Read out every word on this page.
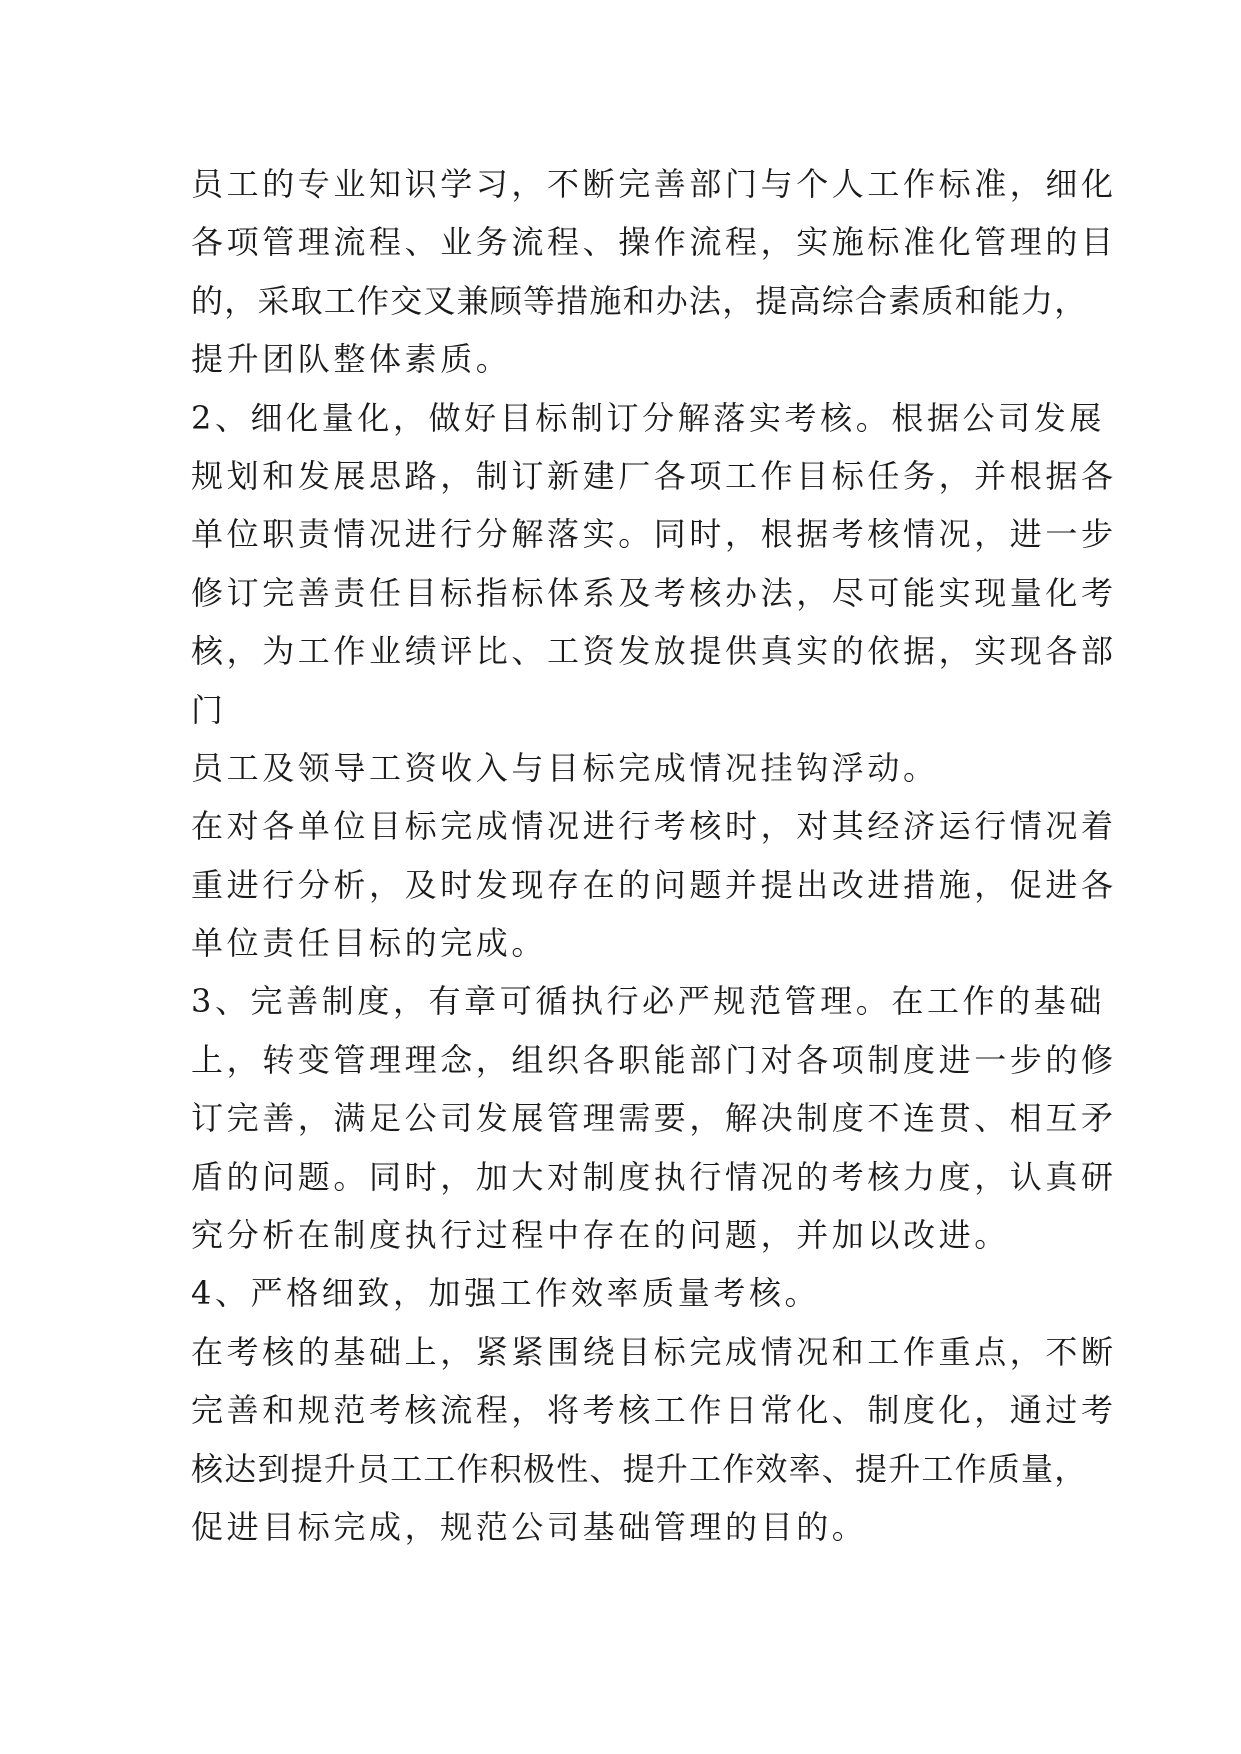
员工的专业知识学习，不断完善部门与个人工作标准，细化
各项管理流程、业务流程、操作流程，实施标准化管理的目
的，采取工作交叉兼顾等措施和办法，提高综合素质和能力，
提升团队整体素质。
2、细化量化，做好目标制订分解落实考核。根据公司发展
规划和发展思路，制订新建厂各项工作目标任务，并根据各
单位职责情况进行分解落实。同时，根据考核情况，进一步
修订完善责任目标指标体系及考核办法，尽可能实现量化考
核，为工作业绩评比、工资发放提供真实的依据，实现各部
门
员工及领导工资收入与目标完成情况挂钩浮动。
在对各单位目标完成情况进行考核时，对其经济运行情况着
重进行分析，及时发现存在的问题并提出改进措施，促进各
单位责任目标的完成。
3、完善制度，有章可循执行必严规范管理。在工作的基础
上，转变管理理念，组织各职能部门对各项制度进一步的修
订完善，满足公司发展管理需要，解决制度不连贯、相互矛
盾的问题。同时，加大对制度执行情况的考核力度，认真研
究分析在制度执行过程中存在的问题，并加以改进。
4、严格细致，加强工作效率质量考核。
在考核的基础上，紧紧围绕目标完成情况和工作重点，不断
完善和规范考核流程，将考核工作日常化、制度化，通过考
核达到提升员工工作积极性、提升工作效率、提升工作质量，
促进目标完成，规范公司基础管理的目的。
